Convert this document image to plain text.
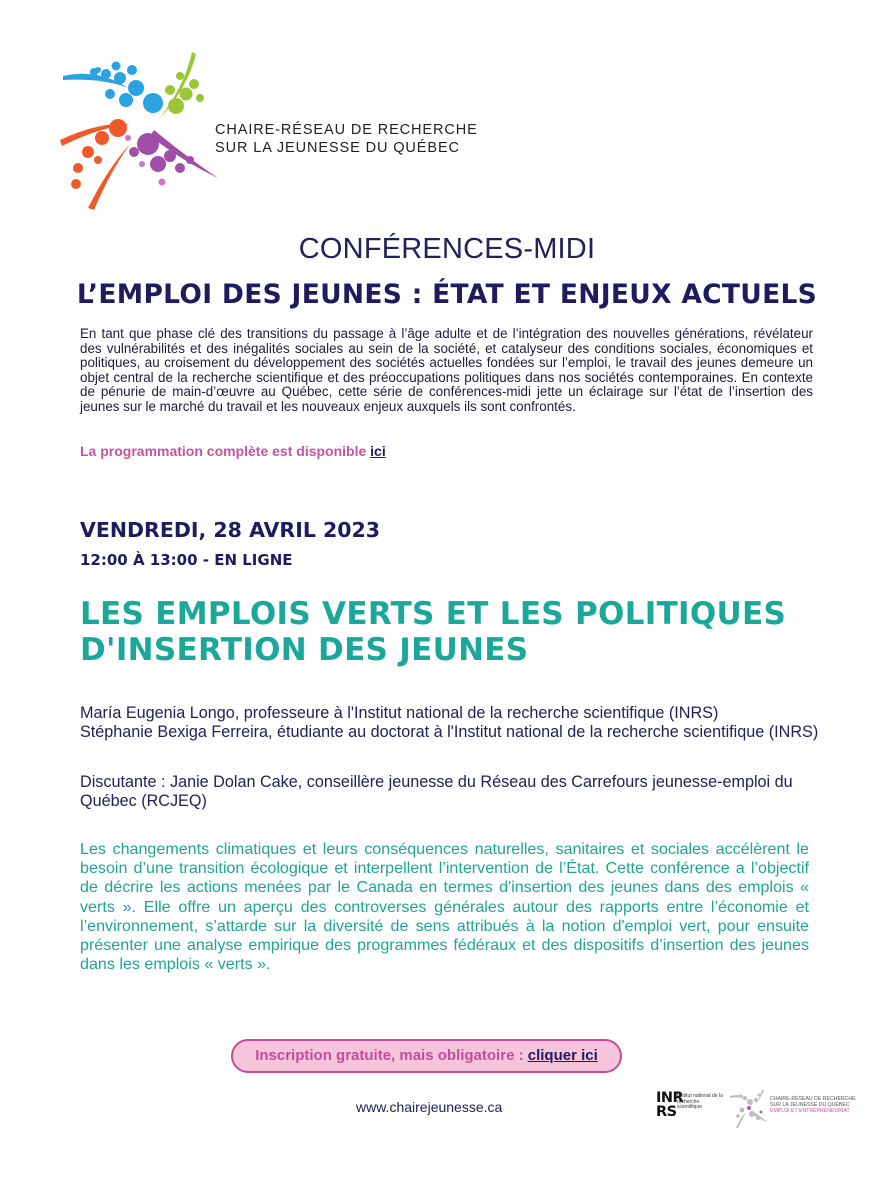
CHAIRE-RÉSEAU DE RECHERCHE
SUR LA JEUNESSE DU QUÉBEC
CONFÉRENCES-MIDI
L’EMPLOI DES JEUNES : ÉTAT ET ENJEUX ACTUELS
En tant que phase clé des transitions du passage à l’âge adulte et de l’intégration des nouvelles générations, révélateur des vulnérabilités et des inégalités sociales au sein de la société, et catalyseur des conditions sociales, économiques et politiques, au croisement du développement des sociétés actuelles fondées sur l’emploi, le travail des jeunes demeure un objet central de la recherche scientifique et des préoccupations politiques dans nos sociétés contemporaines. En contexte de pénurie de main-d’œuvre au Québec, cette série de conférences-midi jette un éclairage sur l’état de l’insertion des jeunes sur le marché du travail et les nouveaux enjeux auxquels ils sont confrontés.
La programmation complète est disponible ici
VENDREDI, 28 AVRIL 2023
12:00 À 13:00 - EN LIGNE
LES EMPLOIS VERTS ET LES POLITIQUES
D'INSERTION DES JEUNES
María Eugenia Longo, professeure à l'Institut national de la recherche scientifique (INRS)
Stéphanie Bexiga Ferreira, étudiante au doctorat à l'Institut national de la recherche scientifique (INRS)
Discutante : Janie Dolan Cake, conseillère jeunesse du Réseau des Carrefours jeunesse-emploi du Québec (RCJEQ)
Les changements climatiques et leurs conséquences naturelles, sanitaires et sociales accélèrent le besoin d’une transition écologique et interpellent l’intervention de l’État. Cette conférence a l’objectif de décrire les actions menées par le Canada en termes d'insertion des jeunes dans des emplois « verts ». Elle offre un aperçu des controverses générales autour des rapports entre l’économie et l’environnement, s’attarde sur la diversité de sens attribués à la notion d'emploi vert, pour ensuite présenter une analyse empirique des programmes fédéraux et des dispositifs d’insertion des jeunes dans les emplois « verts ».
Inscription gratuite, mais obligatoire : cliquer ici
www.chairejeunesse.ca
INR
RS
Institut national de la recherche scientifique
CHAIRE-RÉSEAU DE RECHERCHE
SUR LA JEUNESSE DU QUÉBEC
EMPLOI ET ENTREPRENEURIAT
